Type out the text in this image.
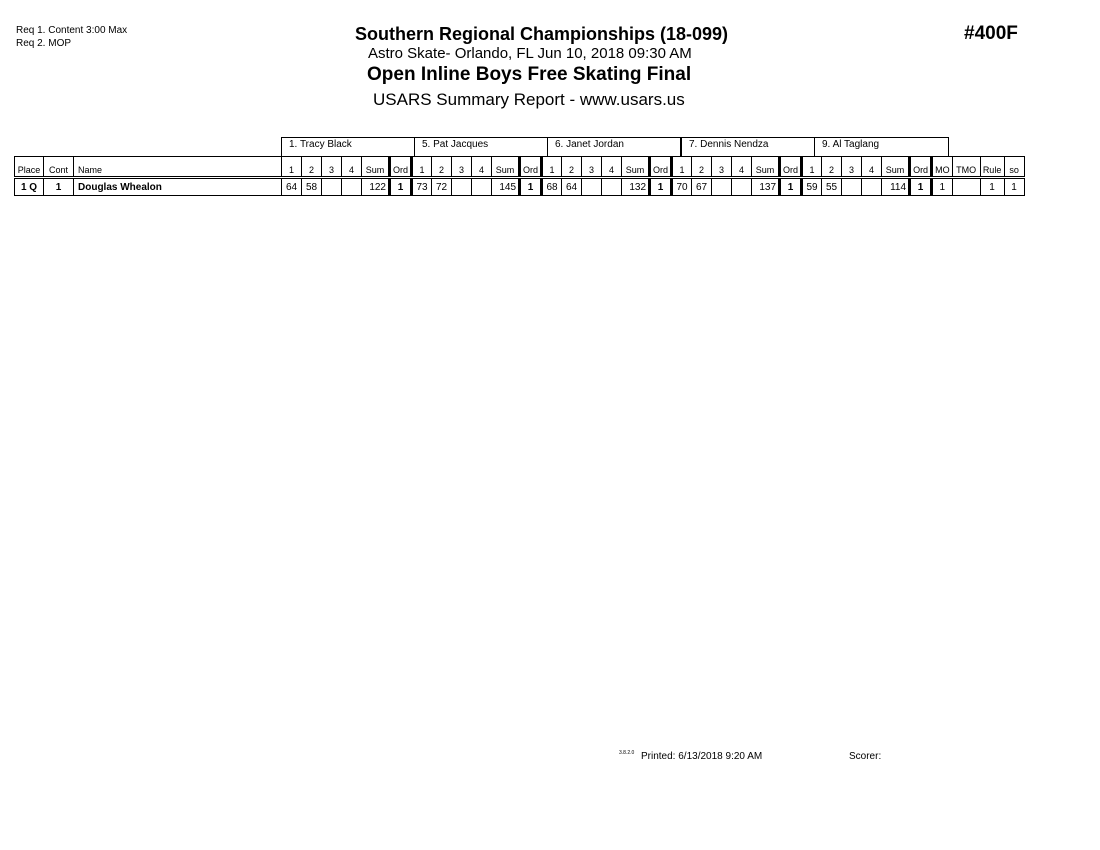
Req 1. Content 3:00 Max
Req 2. MOP	#400F
Southern Regional Championships (18-099)
Astro Skate- Orlando, FL Jun 10, 2018 09:30 AM
Open Inline Boys Free Skating Final
USARS Summary Report - www.usars.us
1. Tracy Black	5. Pat Jacques	6. Janet Jordan	7. Dennis Nendza	9. Al Taglang
Place	Cont	Name	1	2	3	4	Sum	Ord	1	2	3	4	Sum	Ord	1	2	3	4	Sum	Ord	1	2	3	4	Sum	Ord	1	2	3	4	Sum	Ord	MO	TMO	Rule	so
1 Q	1	Douglas Whealon	64	58			122	1	73	72			145	1	68	64			132	1	70	67			137	1	59	55			114	1	1		1	1
3.8.2.0 Printed: 6/13/2018 9:20 AM	Scorer:
